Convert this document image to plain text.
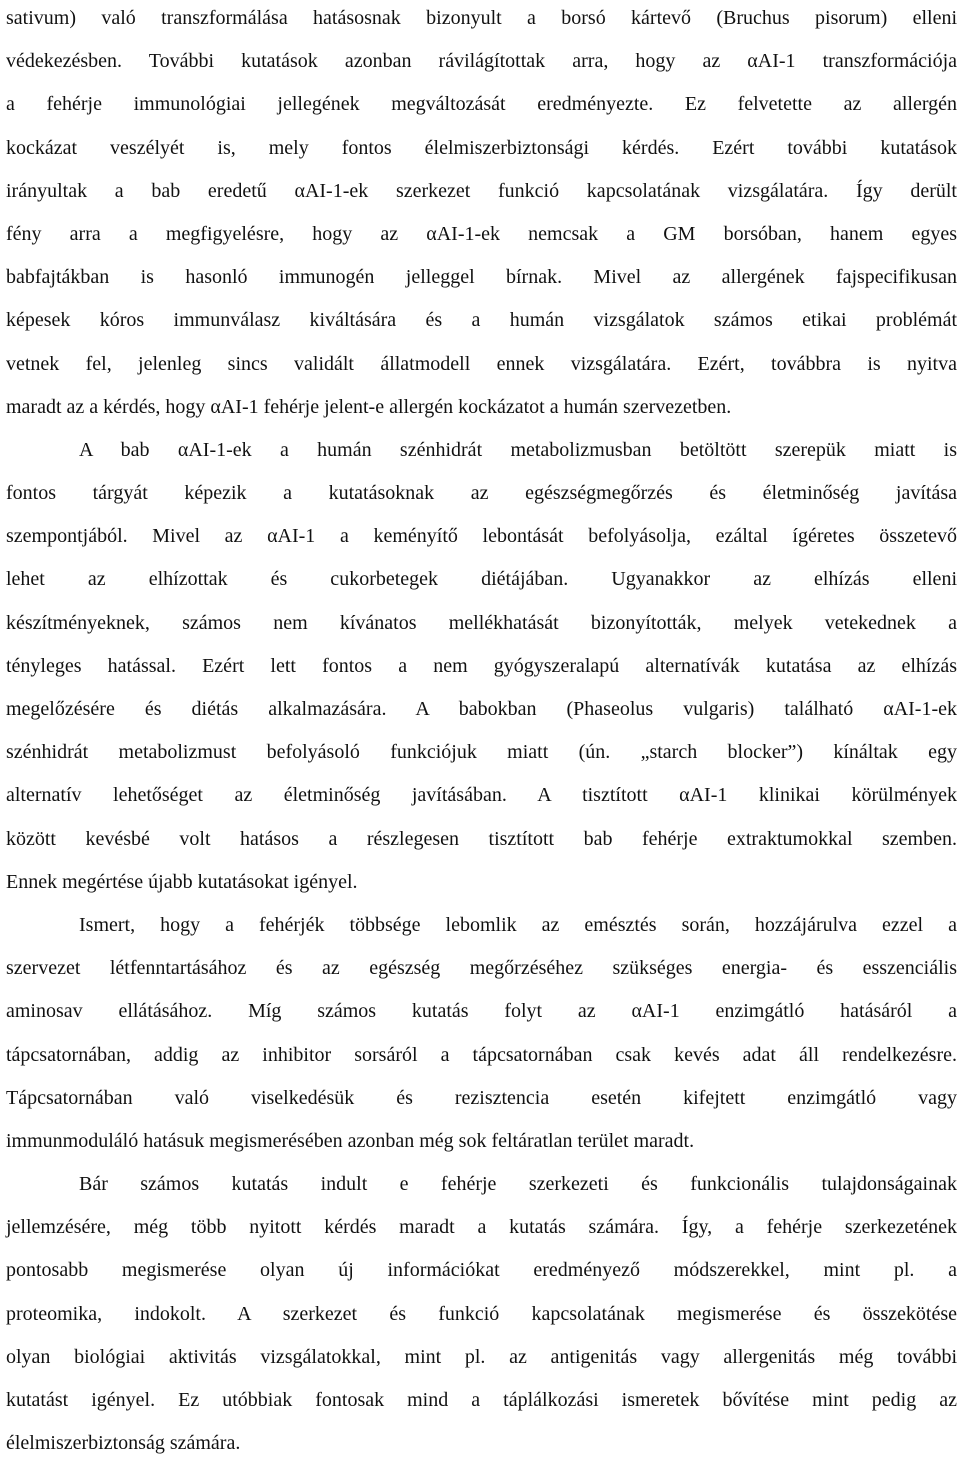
sativum) való transzformálása hatásosnak bizonyult a borsó kártevő (Bruchus pisorum) elleni
védekezésben. További kutatások azonban rávilágítottak arra, hogy az αAI-1 transzformációja
a fehérje immunológiai jellegének megváltozását eredményezte. Ez felvetette az allergén
kockázat veszélyét is, mely fontos élelmiszerbiztonsági kérdés. Ezért további kutatások
irányultak a bab eredetű αAI-1-ek szerkezet funkció kapcsolatának vizsgálatára. Így derült
fény arra a megfigyelésre, hogy az αAI-1-ek nemcsak a GM borsóban, hanem egyes
babfajtákban is hasonló immunogén jelleggel bírnak. Mivel az allergének fajspecifikusan
képesek kóros immunválasz kiváltására és a humán vizsgálatok számos etikai problémát
vetnek fel, jelenleg sincs validált állatmodell ennek vizsgálatára. Ezért, továbbra is nyitva
maradt az a kérdés, hogy αAI-1 fehérje jelent-e allergén kockázatot a humán szervezetben.
A bab αAI-1-ek a humán szénhidrát metabolizmusban betöltött szerepük miatt is
fontos tárgyát képezik a kutatásoknak az egészségmegőrzés és életminőség javítása
szempontjából. Mivel az αAI-1 a keményítő lebontását befolyásolja, ezáltal ígéretes összetevő
lehet az elhízottak és cukorbetegek diétájában. Ugyanakkor az elhízás elleni
készítményeknek, számos nem kívánatos mellékhatását bizonyították, melyek vetekednek a
tényleges hatással. Ezért lett fontos a nem gyógyszeralapú alternatívák kutatása az elhízás
megelőzésére és diétás alkalmazására. A babokban (Phaseolus vulgaris) található αAI-1-ek
szénhidrát metabolizmust befolyásoló funkciójuk miatt (ún. „starch blocker”) kínáltak egy
alternatív lehetőséget az életminőség javításában. A tisztított αAI-1 klinikai körülmények
között kevésbé volt hatásos a részlegesen tisztított bab fehérje extraktumokkal szemben.
Ennek megértése újabb kutatásokat igényel.
Ismert, hogy a fehérjék többsége lebomlik az emésztés során, hozzájárulva ezzel a
szervezet létfenntartásához és az egészség megőrzéséhez szükséges energia- és esszenciális
aminosav ellátásához. Míg számos kutatás folyt az αAI-1 enzimgátló hatásáról a
tápcsatornában, addig az inhibitor sorsáról a tápcsatornában csak kevés adat áll rendelkezésre.
Tápcsatornában való viselkedésük és rezisztencia esetén kifejtett enzimgátló vagy
immunmoduláló hatásuk megismerésében azonban még sok feltáratlan terület maradt.
Bár számos kutatás indult e fehérje szerkezeti és funkcionális tulajdonságainak
jellemzésére, még több nyitott kérdés maradt a kutatás számára. Így, a fehérje szerkezetének
pontosabb megismerése olyan új információkat eredményező módszerekkel, mint pl. a
proteomika, indokolt. A szerkezet és funkció kapcsolatának megismerése és összekötése
olyan biológiai aktivitás vizsgálatokkal, mint pl. az antigenitás vagy allergenitás még további
kutatást igényel. Ez utóbbiak fontosak mind a táplálkozási ismeretek bővítése mint pedig az
élelmiszerbiztonság számára.
